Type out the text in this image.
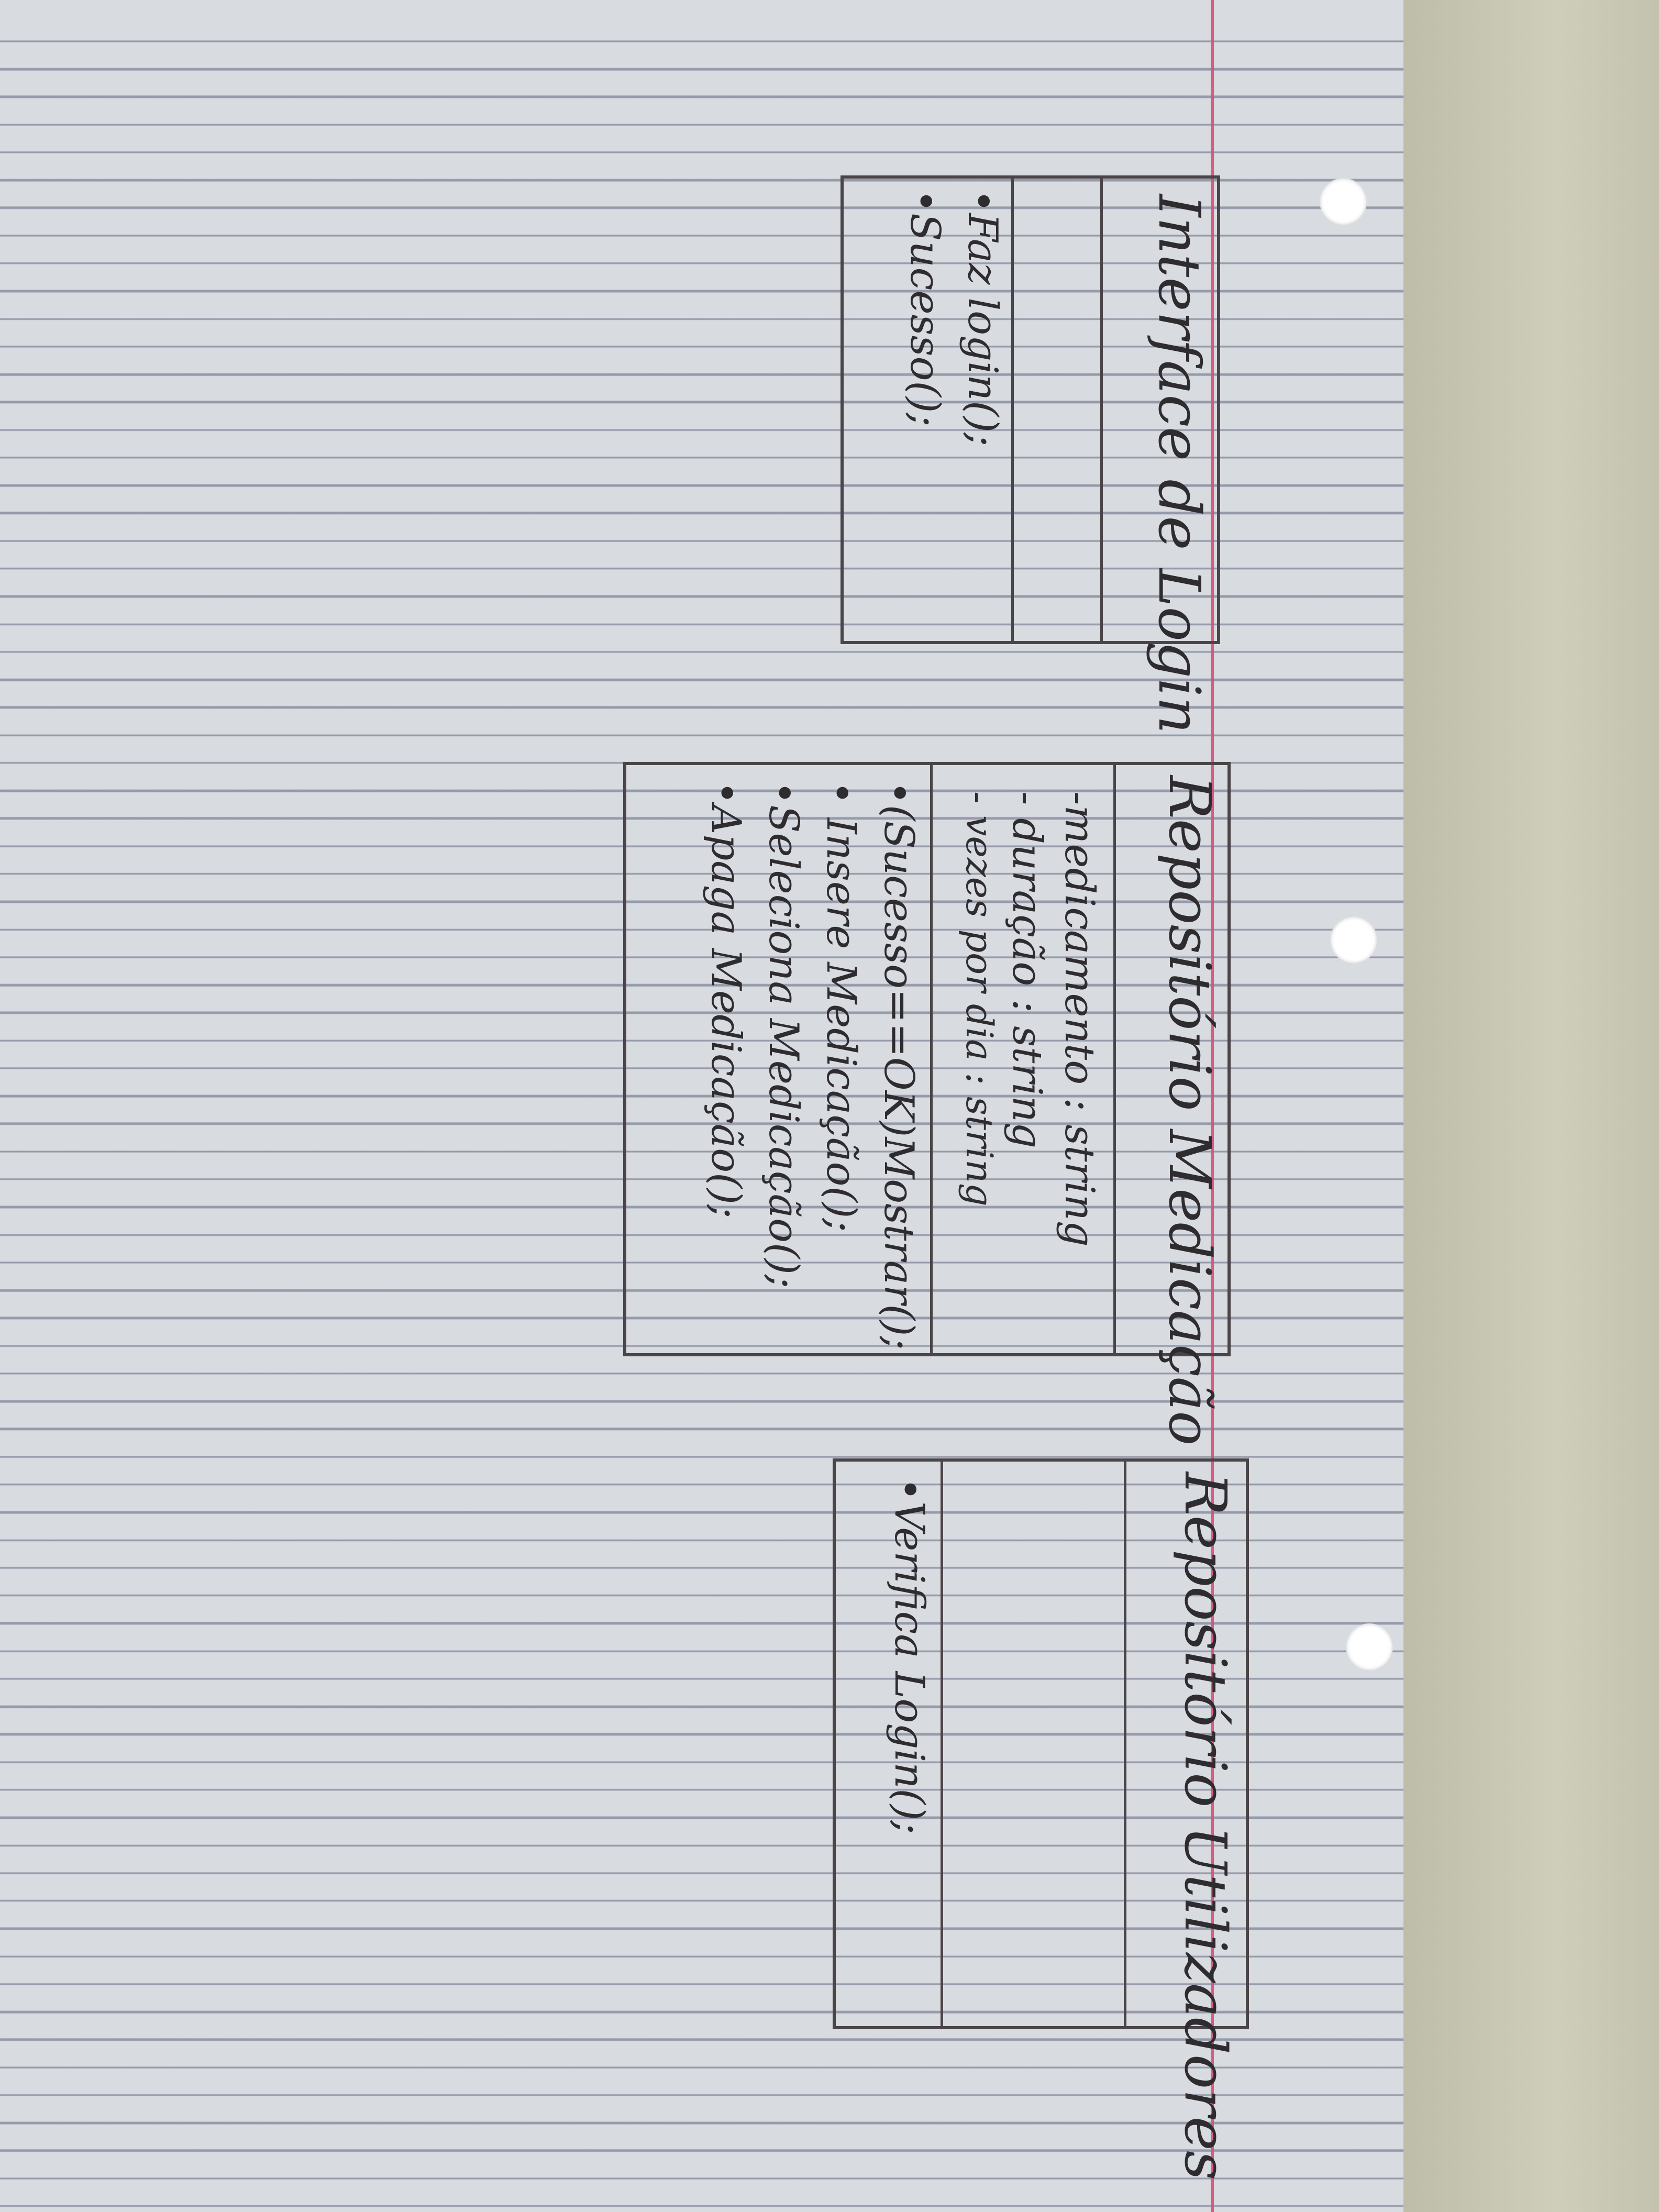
Interface de Login
•Faz login();
•Sucesso();
Repositório Medicação
-medicamento : string
- duração : string
- vezes por dia : string
•(Sucesso==OK)Mostrar();
• Insere Medicação();
•Seleciona Medicação();
•Apaga Medicação();
Repositório Utilizadores
•Verifica Login();
